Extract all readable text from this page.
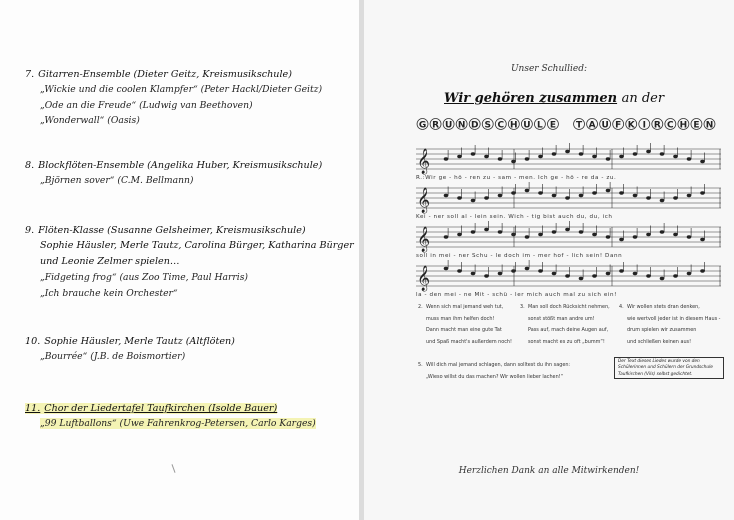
7. Gitarren-Ensemble (Dieter Geitz, Kreismusikschule)
„Wickie und die coolen Klampfer“ (Peter Hackl/Dieter Geitz)
„Ode an die Freude“ (Ludwig van Beethoven)
„Wonderwall“ (Oasis)
8. Blockflöten-Ensemble (Angelika Huber, Kreismusikschule)
„Björnen sover“ (C.M. Bellmann)
9. Flöten-Klasse (Susanne Gelsheimer, Kreismusikschule)
Sophie Häusler, Merle Tautz, Carolina Bürger, Katharina Bürger
und Leonie Zelmer spielen…
„Fidgeting frog“ (aus Zoo Time, Paul Harris)
„Ich brauche kein Orchester“
10. Sophie Häusler, Merle Tautz (Altflöten)
„Bourrée“ (J.B. de Boismortier)
11. Chor der Liedertafel Taufkirchen (Isolde Bauer)
„99 Luftballons“ (Uwe Fahrenkrog-Petersen, Carlo Karges)
Unser Schullied:
Wir gehören zusammen an der
G R U N D S C H U L E T A U F K I R C H E N
𝄞
R.:Wir ge - hö - ren zu - sam - men. Ich ge - hö - re da - zu.
𝄞
Kei - ner soll al - lein sein. Wich - tig bist auch du, du, ich
𝄞
soll in mei - ner Schu - le doch im - mer hof - lich sein! Dann
𝄞
la - den mei - ne Mit - schü - ler mich auch mal zu sich ein!
2. Wenn sich mal jemand weh tut,
muss man ihm helfen doch!
Dann macht man eine gute Tat
und Spaß macht's außerdem noch!
3. Man soll doch Rücksicht nehmen,
sonst stößt man andre um!
Pass auf, mach deine Augen auf,
sonst macht es zu oft „bumm“!
4. Wir wollen stets dran denken,
wie wertvoll jeder ist in diesem Haus -
drum spielen wir zusammen
und schließen keinen aus!
5. Will dich mal jemand schlagen, dann solltest du ihn sagen:
„Wieso willst du das machen? Wir wollen lieber lachen!“
Der Text dieses Liedes wurde von den Schülerinnen und Schülern der Grundschule Taufkirchen (Vils) selbst gedichtet.
Herzlichen Dank an alle Mitwirkenden!
